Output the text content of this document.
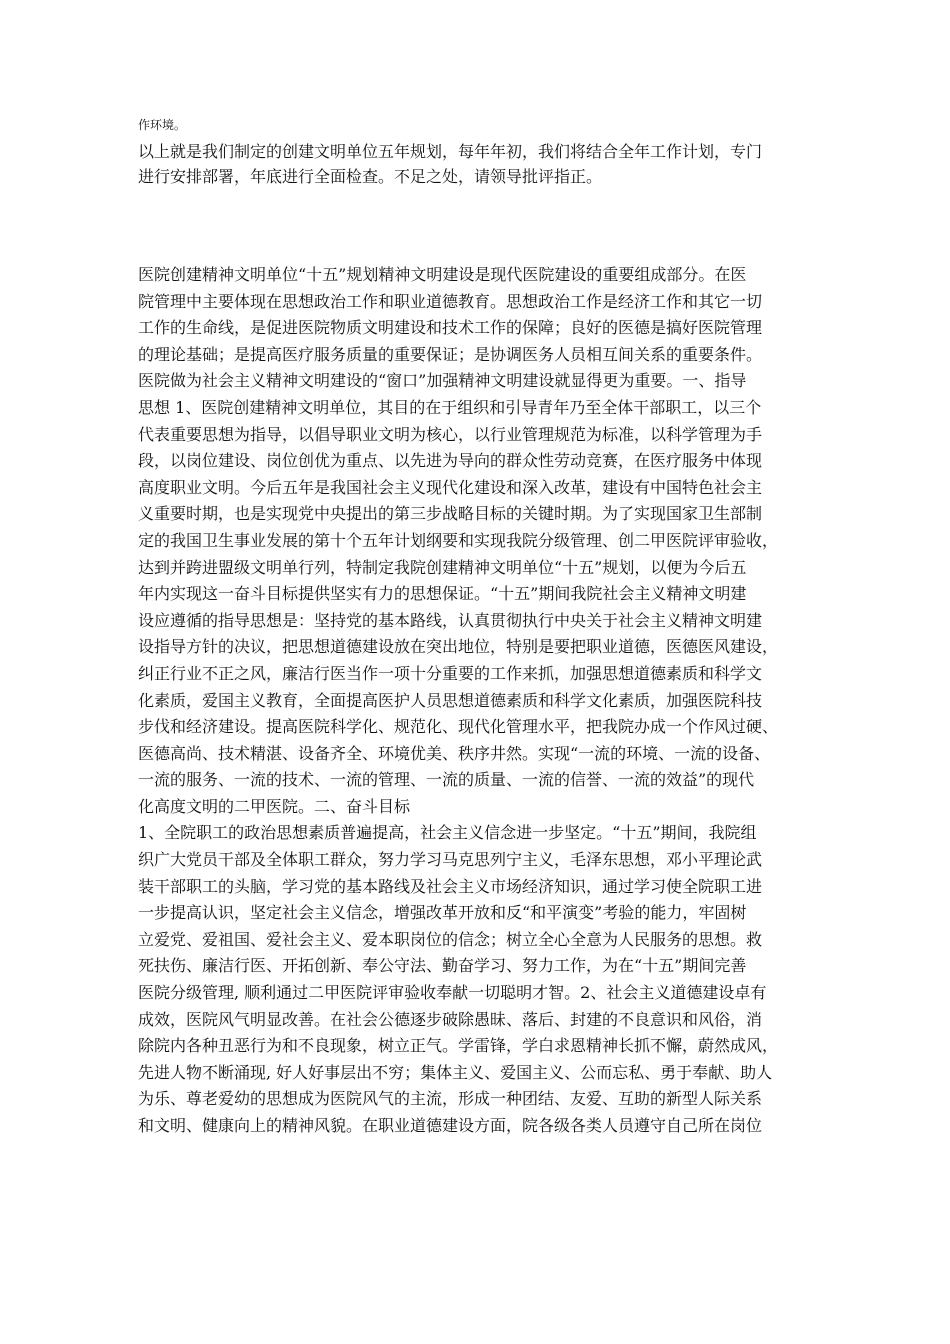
作环境。
以上就是我们制定的创建文明单位五年规划，每年年初，我们将结合全年工作计划，专门
进行安排部署，年底进行全面检查。不足之处，请领导批评指正。
医院创建精神文明单位“十五”规划精神文明建设是现代医院建设的重要组成部分。在医
院管理中主要体现在思想政治工作和职业道德教育。思想政治工作是经济工作和其它一切
工作的生命线，是促进医院物质文明建设和技术工作的保障；良好的医德是搞好医院管理
的理论基础；是提高医疗服务质量的重要保证；是协调医务人员相互间关系的重要条件。
医院做为社会主义精神文明建设的“窗口”加强精神文明建设就显得更为重要。一、指导
思想 1、医院创建精神文明单位，其目的在于组织和引导青年乃至全体干部职工，以三个
代表重要思想为指导，以倡导职业文明为核心，以行业管理规范为标准，以科学管理为手
段，以岗位建设、岗位创优为重点、以先进为导向的群众性劳动竞赛，在医疗服务中体现
高度职业文明。今后五年是我国社会主义现代化建设和深入改革，建设有中国特色社会主
义重要时期，也是实现党中央提出的第三步战略目标的关键时期。为了实现国家卫生部制
定的我国卫生事业发展的第十个五年计划纲要和实现我院分级管理、创二甲医院评审验收，
达到并跨进盟级文明单行列，特制定我院创建精神文明单位“十五”规划，以便为今后五
年内实现这一奋斗目标提供坚实有力的思想保证。“十五”期间我院社会主义精神文明建
设应遵循的指导思想是：坚持党的基本路线，认真贯彻执行中央关于社会主义精神文明建
设指导方针的决议，把思想道德建设放在突出地位，特别是要把职业道德，医德医风建设，
纠正行业不正之风，廉洁行医当作一项十分重要的工作来抓，加强思想道德素质和科学文
化素质，爱国主义教育，全面提高医护人员思想道德素质和科学文化素质，加强医院科技
步伐和经济建设。提高医院科学化、规范化、现代化管理水平，把我院办成一个作风过硬、
医德高尚、技术精湛、设备齐全、环境优美、秩序井然。实现“一流的环境、一流的设备、
一流的服务、一流的技术、一流的管理、一流的质量、一流的信誉、一流的效益”的现代
化高度文明的二甲医院。二、奋斗目标
1、全院职工的政治思想素质普遍提高，社会主义信念进一步坚定。“十五”期间，我院组
织广大党员干部及全体职工群众，努力学习马克思列宁主义，毛泽东思想，邓小平理论武
装干部职工的头脑，学习党的基本路线及社会主义市场经济知识，通过学习使全院职工进
一步提高认识，坚定社会主义信念，增强改革开放和反“和平演变”考验的能力，牢固树
立爱党、爱祖国、爱社会主义、爱本职岗位的信念；树立全心全意为人民服务的思想。救
死扶伤、廉洁行医、开拓创新、奉公守法、勤奋学习、努力工作，为在“十五”期间完善
医院分级管理, 顺利通过二甲医院评审验收奉献一切聪明才智。2、社会主义道德建设卓有
成效，医院风气明显改善。在社会公德逐步破除愚昧、落后、封建的不良意识和风俗，消
除院内各种丑恶行为和不良现象，树立正气。学雷锋，学白求恩精神长抓不懈，蔚然成风，
先进人物不断涌现, 好人好事层出不穷；集体主义、爱国主义、公而忘私、勇于奉献、助人
为乐、尊老爱幼的思想成为医院风气的主流，形成一种团结、友爱、互助的新型人际关系
和文明、健康向上的精神风貌。在职业道德建设方面，院各级各类人员遵守自己所在岗位
